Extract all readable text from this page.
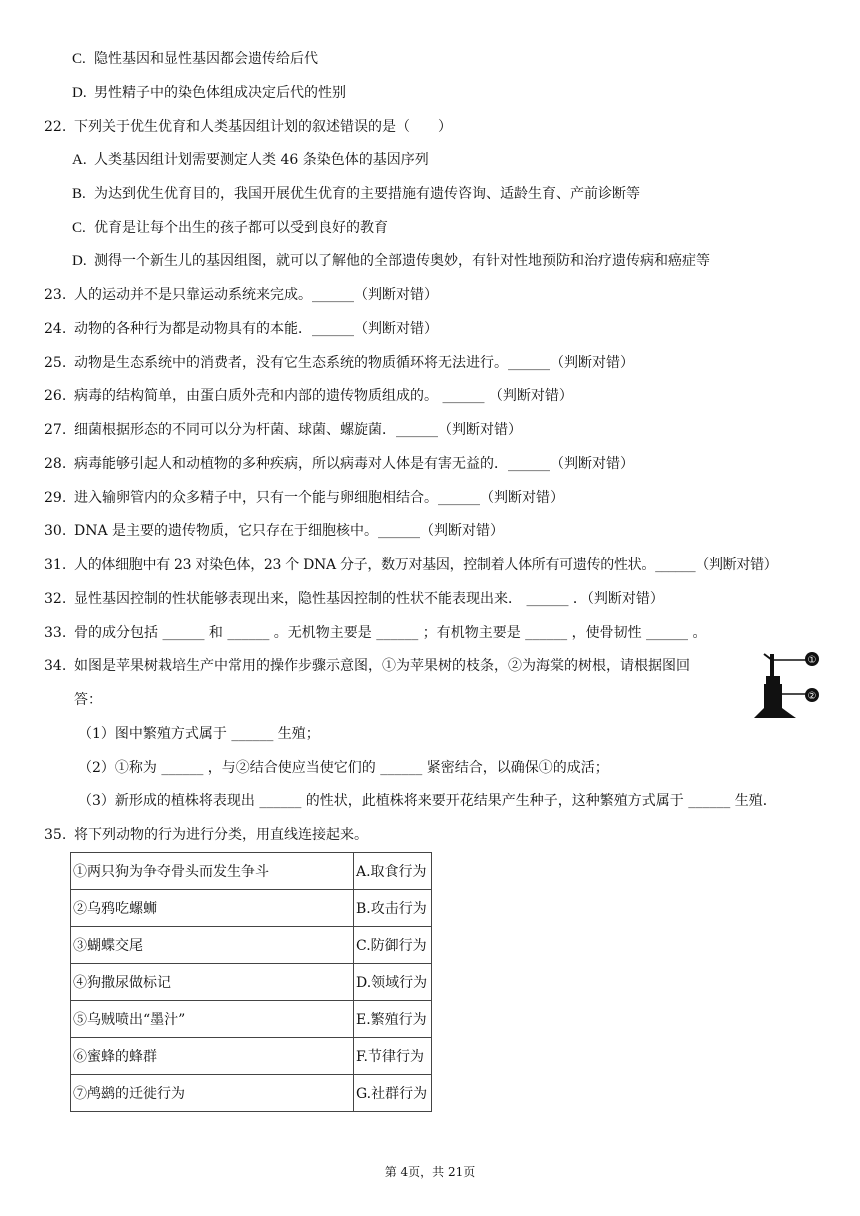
C. 隐性基因和显性基因都会遗传给后代
D. 男性精子中的染色体组成决定后代的性别
22. 下列关于优生优育和人类基因组计划的叙述错误的是（　　）
A. 人类基因组计划需要测定人类 46 条染色体的基因序列
B. 为达到优生优育目的，我国开展优生优育的主要措施有遗传咨询、适龄生育、产前诊断等
C. 优育是让每个出生的孩子都可以受到良好的教育
D. 测得一个新生儿的基因组图，就可以了解他的全部遗传奥妙，有针对性地预防和治疗遗传病和癌症等
23. 人的运动并不是只靠运动系统来完成。______（判断对错）
24. 动物的各种行为都是动物具有的本能．______（判断对错）
25. 动物是生态系统中的消费者，没有它生态系统的物质循环将无法进行。______（判断对错）
26. 病毒的结构简单，由蛋白质外壳和内部的遗传物质组成的。 ______ （判断对错）
27. 细菌根据形态的不同可以分为杆菌、球菌、螺旋菌．______（判断对错）
28. 病毒能够引起人和动植物的多种疾病，所以病毒对人体是有害无益的．______（判断对错）
29. 进入输卵管内的众多精子中，只有一个能与卵细胞相结合。______（判断对错）
30. DNA 是主要的遗传物质，它只存在于细胞核中。______（判断对错）
31. 人的体细胞中有 23 对染色体，23 个 DNA 分子，数万对基因，控制着人体所有可遗传的性状。______（判断对错）
32. 显性基因控制的性状能够表现出来，隐性基因控制的性状不能表现出来． ______ ．（判断对错）
33. 骨的成分包括 ______ 和 ______ 。无机物主要是 ______ ；有机物主要是 ______ ，使骨韧性 ______ 。
34. 如图是苹果树栽培生产中常用的操作步骤示意图，①为苹果树的枝条，②为海棠的树根，请根据图回
答：
①
②
（1）图中繁殖方式属于 ______ 生殖；
（2）①称为 ______ ，与②结合使应当使它们的 ______ 紧密结合，以确保①的成活；
（3）新形成的植株将表现出 ______ 的性状，此植株将来要开花结果产生种子，这种繁殖方式属于 ______ 生殖．
35. 将下列动物的行为进行分类，用直线连接起来。
①两只狗为争夺骨头而发生争斗	A.取食行为
②乌鸦吃螺蛳	B.攻击行为
③蝴蝶交尾	C.防御行为
④狗撒尿做标记	D.领域行为
⑤乌贼喷出“墨汁”	E.繁殖行为
⑥蜜蜂的蜂群	F.节律行为
⑦鸬鹚的迁徙行为	G.社群行为
第 4页，共 21页
